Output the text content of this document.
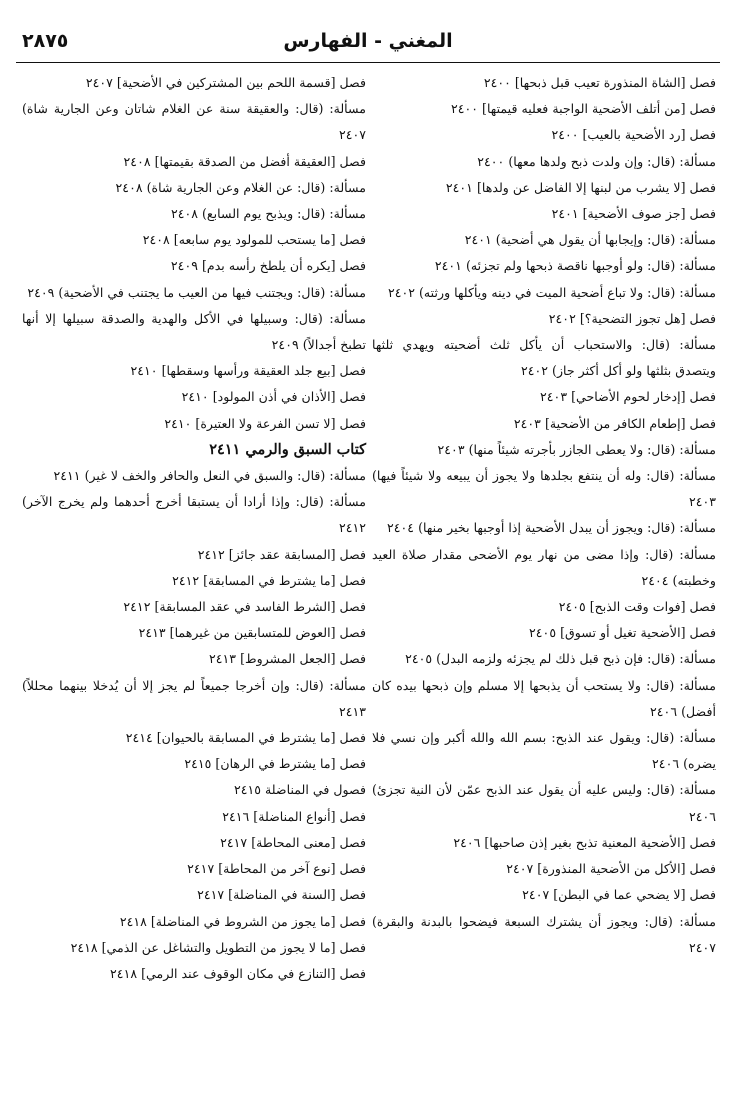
المغني - الفهارس
٢٨٧٥
فصل [الشاة المنذورة تعيب قبل ذبحها] ٢٤٠٠
فصل [من أتلف الأضحية الواجبة فعليه قيمتها] ٢٤٠٠
فصل [رد الأضحية بالعيب] ٢٤٠٠
مسألة: (قال: وإن ولدت ذبح ولدها معها) ٢٤٠٠
فصل [لا يشرب من لبنها إلا الفاضل عن ولدها] ٢٤٠١
فصل [جز صوف الأضحية] ٢٤٠١
مسألة: (قال: وإيجابها أن يقول هي أضحية) ٢٤٠١
مسألة: (قال: ولو أوجبها ناقصة ذبحها ولم تجزئه) ٢٤٠١
مسألة: (قال: ولا تباع أضحية الميت في دينه ويأكلها ورثته) ٢٤٠٢
فصل [هل تجوز التضحية؟] ٢٤٠٢
مسألة: (قال: والاستحباب أن يأكل ثلث أضحيته ويهدي ثلثها ويتصدق بثلثها ولو أكل أكثر جاز) ٢٤٠٢
فصل [إدخار لحوم الأضاحي] ٢٤٠٣
فصل [إطعام الكافر من الأضحية] ٢٤٠٣
مسألة: (قال: ولا يعطى الجازر بأجرته شيئاً منها) ٢٤٠٣
مسألة: (قال: وله أن ينتفع بجلدها ولا يجوز أن يبيعه ولا شيئاً فيها) ٢٤٠٣
مسألة: (قال: ويجوز أن يبدل الأضحية إذا أوجبها بخير منها) ٢٤٠٤
مسألة: (قال: وإذا مضى من نهار يوم الأضحى مقدار صلاة العيد وخطبته) ٢٤٠٤
فصل [فوات وقت الذبح] ٢٤٠٥
فصل [الأضحية تغيل أو تسوق] ٢٤٠٥
مسألة: (قال: فإن ذبح قبل ذلك لم يجزئه ولزمه البدل) ٢٤٠٥
مسألة: (قال: ولا يستحب أن يذبحها إلا مسلم وإن ذبحها بيده كان أفضل) ٢٤٠٦
مسألة: (قال: ويقول عند الذبح: بسم الله والله أكبر وإن نسي فلا يضره) ٢٤٠٦
مسألة: (قال: وليس عليه أن يقول عند الذبح عمّن لأن النية تجزئ) ٢٤٠٦
فصل [الأضحية المعنية تذبح بغير إذن صاحبها] ٢٤٠٦
فصل [الأكل من الأضحية المنذورة] ٢٤٠٧
فصل [لا يضحي عما في البطن] ٢٤٠٧
مسألة: (قال: ويجوز أن يشترك السبعة فيضحوا بالبدنة والبقرة) ٢٤٠٧
فصل [قسمة اللحم بين المشتركين في الأضحية] ٢٤٠٧
مسألة: (قال: والعقيقة سنة عن الغلام شاتان وعن الجارية شاة) ٢٤٠٧
فصل [العقيقة أفضل من الصدقة بقيمتها] ٢٤٠٨
مسألة: (قال: عن الغلام وعن الجارية شاة) ٢٤٠٨
مسألة: (قال: ويذبح يوم السابع) ٢٤٠٨
فصل [ما يستحب للمولود يوم سابعه] ٢٤٠٨
فصل [يكره أن يلطخ رأسه بدم] ٢٤٠٩
مسألة: (قال: ويجتنب فيها من العيب ما يجتنب في الأضحية) ٢٤٠٩
مسألة: (قال: وسبيلها في الأكل والهدية والصدقة سبيلها إلا أنها تطبخ أجدالاً) ٢٤٠٩
فصل [بيع جلد العقيقة ورأسها وسقطها] ٢٤١٠
فصل [الأذان في أذن المولود] ٢٤١٠
فصل [لا تسن الفرعة ولا العتيرة] ٢٤١٠
كتاب السبق والرمي ٢٤١١
مسألة: (قال: والسبق في النعل والحافر والخف لا غير) ٢٤١١
مسألة: (قال: وإذا أرادا أن يستبقا أخرج أحدهما ولم يخرج الآخر) ٢٤١٢
فصل [المسابقة عقد جائز] ٢٤١٢
فصل [ما يشترط في المسابقة] ٢٤١٢
فصل [الشرط الفاسد في عقد المسابقة] ٢٤١٢
فصل [العوض للمتسابقين من غيرهما] ٢٤١٣
فصل [الجعل المشروط] ٢٤١٣
مسألة: (قال: وإن أخرجا جميعاً لم يجز إلا أن يُدخلا بينهما محللاً) ٢٤١٣
فصل [ما يشترط في المسابقة بالحيوان] ٢٤١٤
فصل [ما يشترط في الرهان] ٢٤١٥
فصول في المناضلة ٢٤١٥
فصل [أنواع المناضلة] ٢٤١٦
فصل [معنى المحاطة] ٢٤١٧
فصل [نوع آخر من المحاطة] ٢٤١٧
فصل [السنة في المناضلة] ٢٤١٧
فصل [ما يجوز من الشروط في المناضلة] ٢٤١٨
فصل [ما لا يجوز من التطويل والتشاغل عن الذمي] ٢٤١٨
فصل [التنازع في مكان الوقوف عند الرمي] ٢٤١٨
